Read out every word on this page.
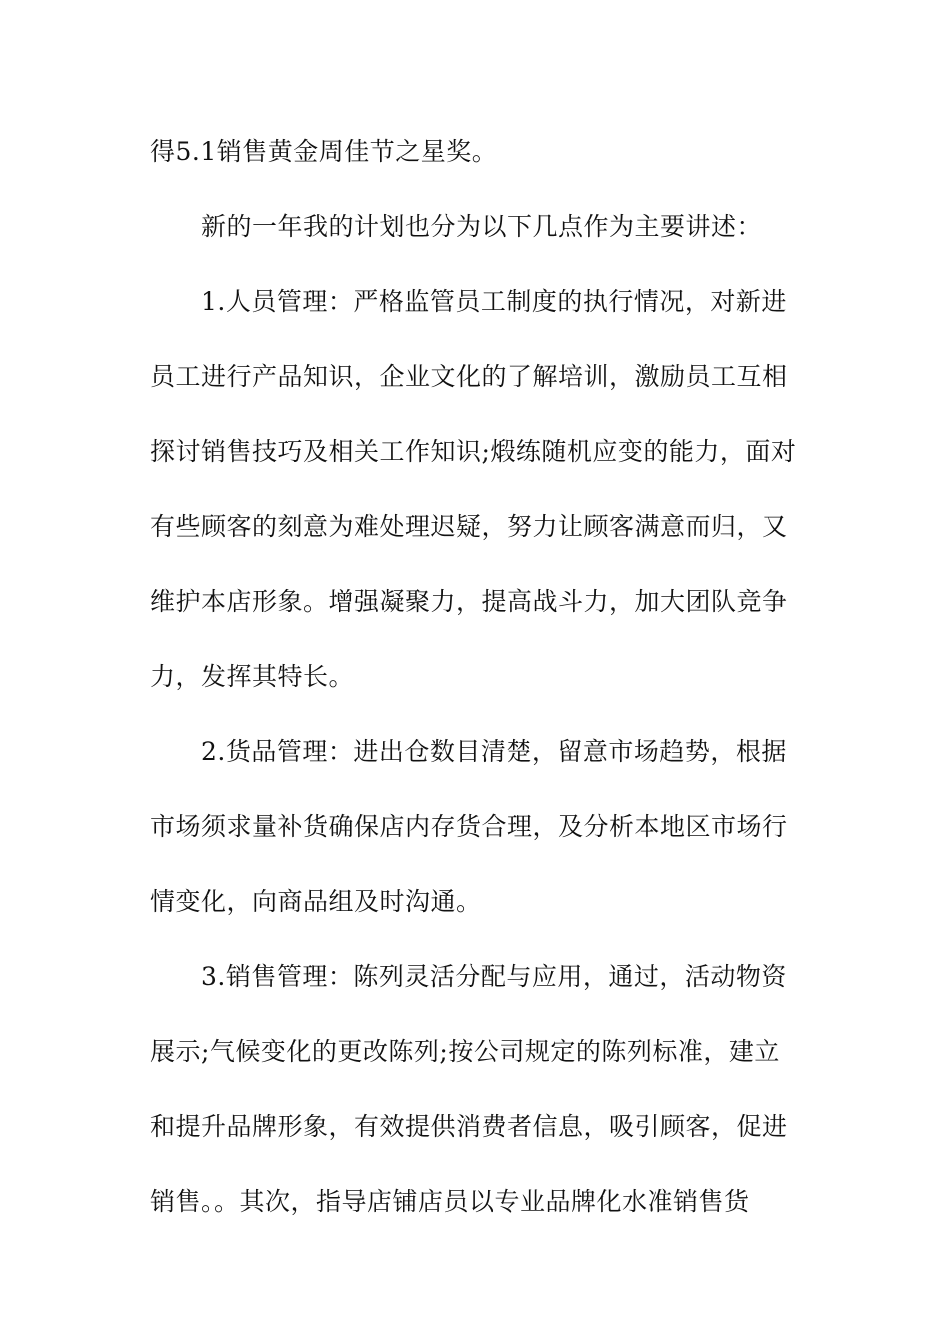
得5.1销售黄金周佳节之星奖。
新的一年我的计划也分为以下几点作为主要讲述：
1.人员管理：严格监管员工制度的执行情况，对新进
员工进行产品知识，企业文化的了解培训，激励员工互相
探讨销售技巧及相关工作知识;煅练随机应变的能力，面对
有些顾客的刻意为难处理迟疑，努力让顾客满意而归，又
维护本店形象。增强凝聚力，提高战斗力，加大团队竞争
力，发挥其特长。
2.货品管理：进出仓数目清楚，留意市场趋势，根据
市场须求量补货确保店内存货合理，及分析本地区市场行
情变化，向商品组及时沟通。
3.销售管理：陈列灵活分配与应用，通过，活动物资
展示;气候变化的更改陈列;按公司规定的陈列标准，建立
和提升品牌形象，有效提供消费者信息，吸引顾客，促进
销售。。其次，指导店铺店员以专业品牌化水准销售货
